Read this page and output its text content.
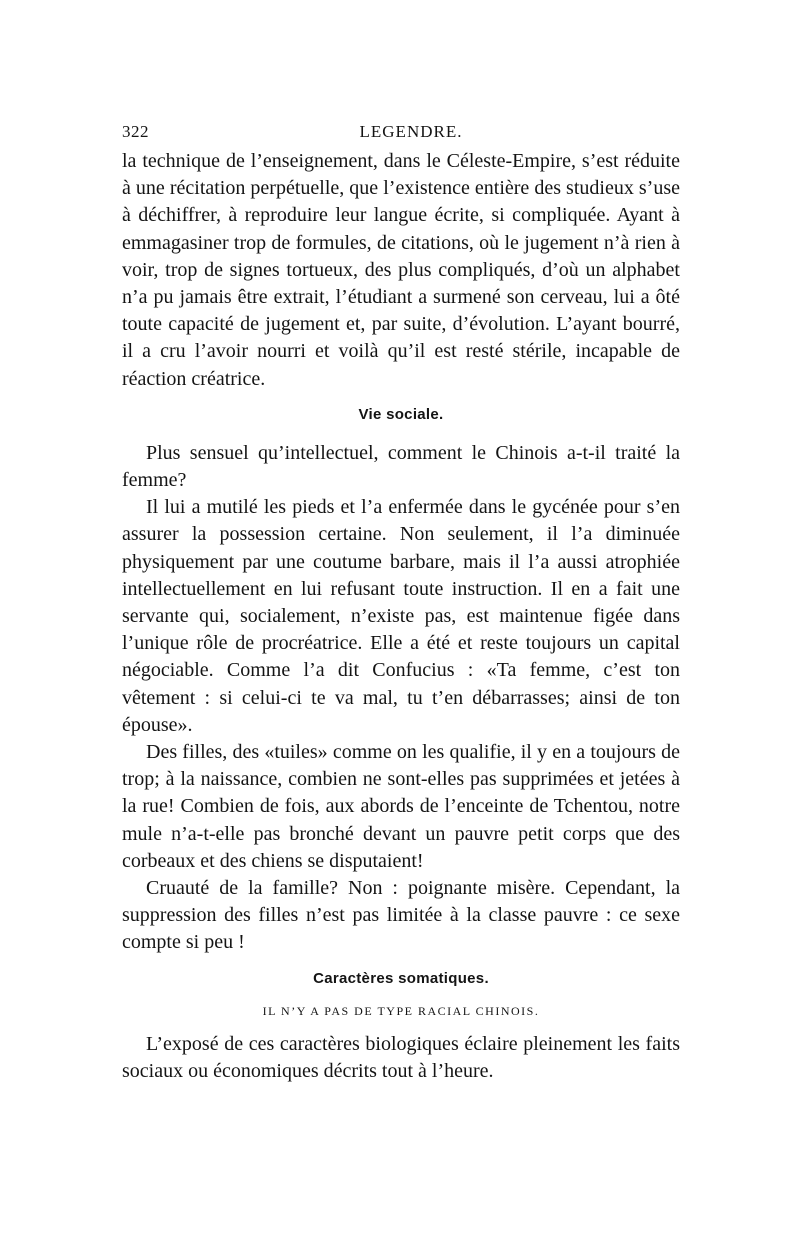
322	LEGENDRE.

la technique de l’enseignement, dans le Céleste-Empire, s’est réduite à une récitation perpétuelle, que l’existence entière des studieux s’use à déchiffrer, à reproduire leur langue écrite, si compliquée. Ayant à emmagasiner trop de formules, de citations, où le jugement n’à rien à voir, trop de signes tortueux, des plus compliqués, d’où un alphabet n’a pu jamais être extrait, l’étudiant a surmené son cerveau, lui a ôté toute capacité de jugement et, par suite, d’évolution. L’ayant bourré, il a cru l’avoir nourri et voilà qu’il est resté stérile, incapable de réaction créatrice.

Vie sociale.

Plus sensuel qu’intellectuel, comment le Chinois a-t-il traité la femme?

Il lui a mutilé les pieds et l’a enfermée dans le gycénée pour s’en assurer la possession certaine. Non seulement, il l’a diminuée physiquement par une coutume barbare, mais il l’a aussi atrophiée intellectuellement en lui refusant toute instruction. Il en a fait une servante qui, socialement, n’existe pas, est maintenue figée dans l’unique rôle de procréatrice. Elle a été et reste toujours un capital négociable. Comme l’a dit Confucius : «Ta femme, c’est ton vêtement : si celui-ci te va mal, tu t’en débarrasses; ainsi de ton épouse».

Des filles, des «tuiles» comme on les qualifie, il y en a toujours de trop; à la naissance, combien ne sont-elles pas supprimées et jetées à la rue! Combien de fois, aux abords de l’enceinte de Tchentou, notre mule n’a-t-elle pas bronché devant un pauvre petit corps que des corbeaux et des chiens se disputaient!

Cruauté de la famille? Non : poignante misère. Cependant, la suppression des filles n’est pas limitée à la classe pauvre : ce sexe compte si peu !

Caractères somatiques.

IL N’Y A PAS DE TYPE RACIAL CHINOIS.

L’exposé de ces caractères biologiques éclaire pleinement les faits sociaux ou économiques décrits tout à l’heure.
